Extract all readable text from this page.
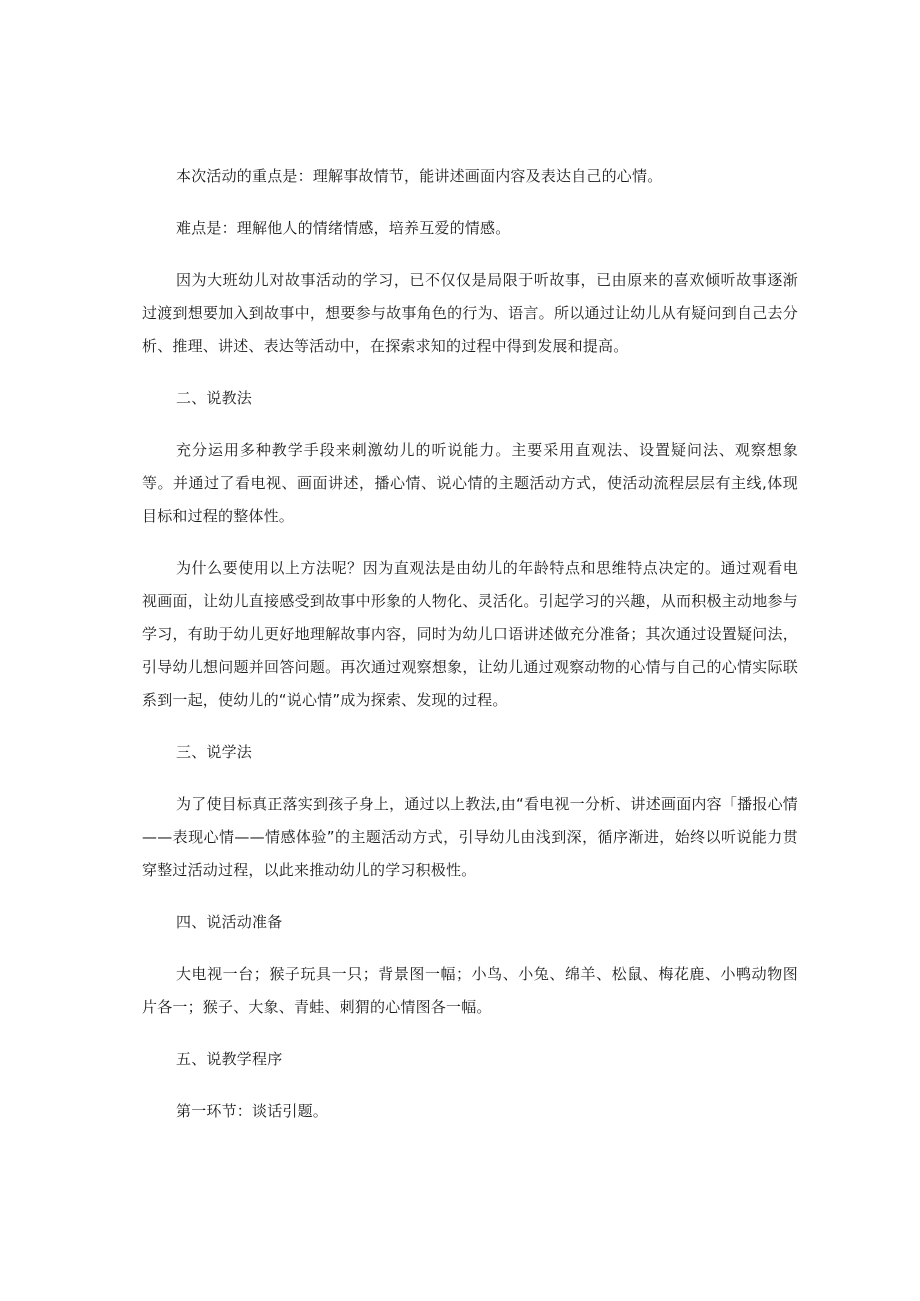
本次活动的重点是：理解事故情节，能讲述画面内容及表达自己的心情。

难点是：理解他人的情绪情感，培养互爱的情感。

因为大班幼儿对故事活动的学习，已不仅仅是局限于听故事，已由原来的喜欢倾听故事逐渐过渡到想要加入到故事中，想要参与故事角色的行为、语言。所以通过让幼儿从有疑问到自己去分析、推理、讲述、表达等活动中，在探索求知的过程中得到发展和提高。

二、说教法

充分运用多种教学手段来刺激幼儿的听说能力。主要采用直观法、设置疑问法、观察想象等。并通过了看电视、画面讲述，播心情、说心情的主题活动方式，使活动流程层层有主线,体现目标和过程的整体性。

为什么要使用以上方法呢？因为直观法是由幼儿的年龄特点和思维特点决定的。通过观看电视画面，让幼儿直接感受到故事中形象的人物化、灵活化。引起学习的兴趣，从而积极主动地参与学习，有助于幼儿更好地理解故事内容，同时为幼儿口语讲述做充分准备；其次通过设置疑问法，引导幼儿想问题并回答问题。再次通过观察想象，让幼儿通过观察动物的心情与自己的心情实际联系到一起，使幼儿的“说心情”成为探索、发现的过程。

三、说学法

为了使目标真正落实到孩子身上，通过以上教法,由“看电视一分析、讲述画面内容「播报心情——表现心情——情感体验”的主题活动方式，引导幼儿由浅到深，循序渐进，始终以听说能力贯穿整过活动过程，以此来推动幼儿的学习积极性。

四、说活动准备

大电视一台；猴子玩具一只；背景图一幅；小鸟、小兔、绵羊、松鼠、梅花鹿、小鸭动物图片各一；猴子、大象、青蛙、刺猬的心情图各一幅。

五、说教学程序

第一环节：谈话引题。
